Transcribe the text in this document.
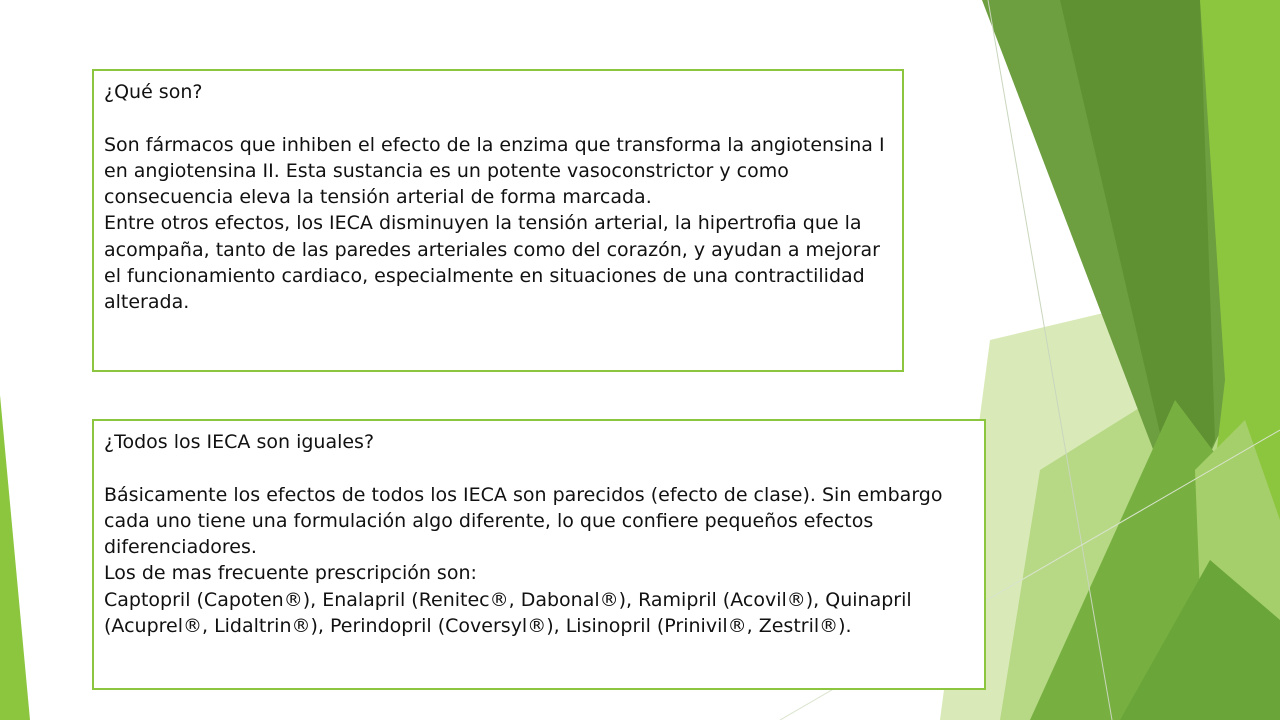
¿Qué son?
Son fármacos que inhiben el efecto de la enzima que transforma la angiotensina I en angiotensina II. Esta sustancia es un potente vasoconstrictor y como consecuencia eleva la tensión arterial de forma marcada.
Entre otros efectos, los IECA disminuyen la tensión arterial, la hipertrofia que la acompaña, tanto de las paredes arteriales como del corazón, y ayudan a mejorar el funcionamiento cardiaco, especialmente en situaciones de una contractilidad alterada.
¿Todos los IECA son iguales?
Básicamente los efectos de todos los IECA son parecidos (efecto de clase). Sin embargo cada uno tiene una formulación algo diferente, lo que confiere pequeños efectos diferenciadores.
Los de mas frecuente prescripción son:
Captopril (Capoten®), Enalapril (Renitec®, Dabonal®), Ramipril (Acovil®), Quinapril (Acuprel®, Lidaltrin®), Perindopril (Coversyl®), Lisinopril (Prinivil®, Zestril®).
